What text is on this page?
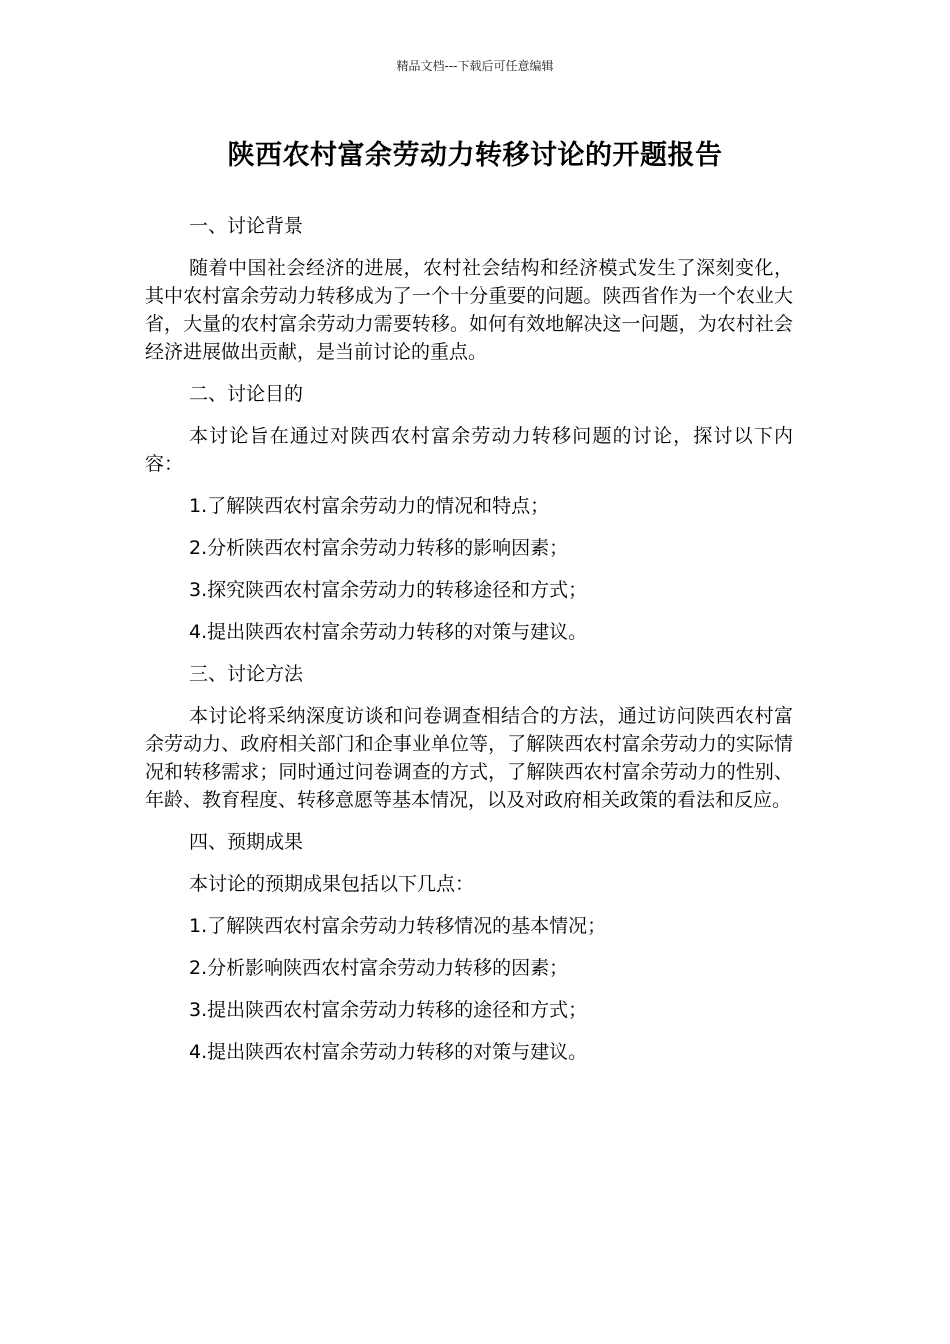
精品文档---下载后可任意编辑
陕西农村富余劳动力转移讨论的开题报告

一、讨论背景

随着中国社会经济的进展，农村社会结构和经济模式发生了深刻变化，其中农村富余劳动力转移成为了一个十分重要的问题。陕西省作为一个农业大省，大量的农村富余劳动力需要转移。如何有效地解决这一问题，为农村社会经济进展做出贡献，是当前讨论的重点。

二、讨论目的

本讨论旨在通过对陕西农村富余劳动力转移问题的讨论，探讨以下内容：

1.了解陕西农村富余劳动力的情况和特点；

2.分析陕西农村富余劳动力转移的影响因素；

3.探究陕西农村富余劳动力的转移途径和方式；

4.提出陕西农村富余劳动力转移的对策与建议。

三、讨论方法

本讨论将采纳深度访谈和问卷调查相结合的方法，通过访问陕西农村富余劳动力、政府相关部门和企事业单位等，了解陕西农村富余劳动力的实际情况和转移需求；同时通过问卷调查的方式，了解陕西农村富余劳动力的性别、年龄、教育程度、转移意愿等基本情况，以及对政府相关政策的看法和反应。

四、预期成果

本讨论的预期成果包括以下几点：

1.了解陕西农村富余劳动力转移情况的基本情况；

2.分析影响陕西农村富余劳动力转移的因素；

3.提出陕西农村富余劳动力转移的途径和方式；

4.提出陕西农村富余劳动力转移的对策与建议。
